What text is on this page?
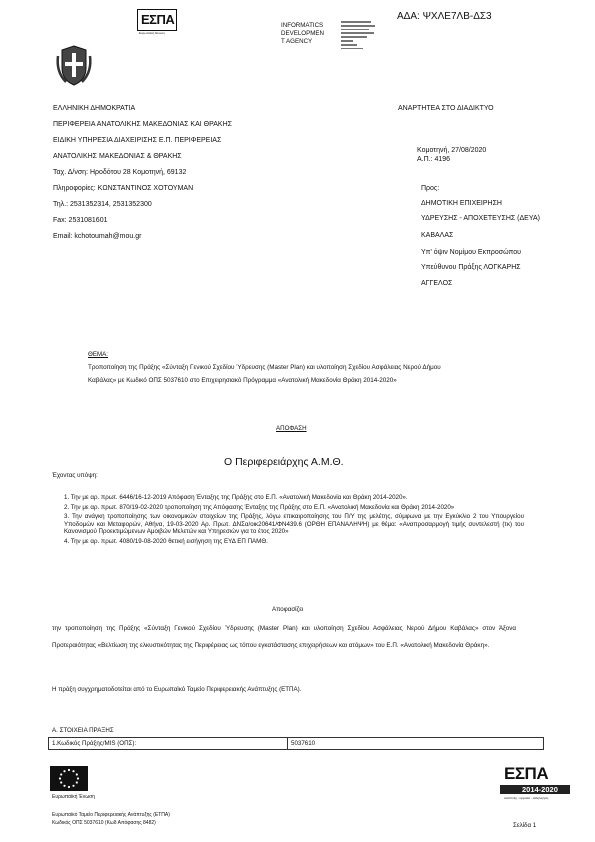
ΕΣΠΑ
Ευρωπαϊκή Ένωση
INFORMATICS
DEVELOPMEN
T AGENCY
ΑΔΑ: ΨΧΛΕ7ΛΒ-ΔΣ3
ΕΛΛΗΝΙΚΗ ΔΗΜΟΚΡΑΤΙΑ
ΠΕΡΙΦΕΡΕΙΑ ΑΝΑΤΟΛΙΚΗΣ ΜΑΚΕΔΟΝΙΑΣ ΚΑΙ ΘΡΑΚΗΣ
ΕΙΔΙΚΗ ΥΠΗΡΕΣΙΑ ΔΙΑΧΕΙΡΙΣΗΣ Ε.Π. ΠΕΡΙΦΕΡΕΙΑΣ
ΑΝΑΤΟΛΙΚΗΣ ΜΑΚΕΔΟΝΙΑΣ & ΘΡΑΚΗΣ
Ταχ. Δ/νση: Ηροδότου 28 Κομοτηνή, 69132
Πληροφορίες: ΚΩΝΣΤΑΝΤΙΝΟΣ ΧΟΤΟΥΜΑΝ
Τηλ.: 2531352314, 2531352300
Fax: 2531081601
Email: kchotoumah@mou.gr
ΑΝΑΡΤΗΤΕΑ ΣΤΟ ΔΙΑΔΙΚΤΥΟ
Κομοτηνή, 27/08/2020
Α.Π.: 4196
Προς:
ΔΗΜΟΤΙΚΗ ΕΠΙΧΕΙΡΗΣΗ
ΥΔΡΕΥΣΗΣ - ΑΠΟΧΕΤΕΥΣΗΣ (ΔΕΥΑ)
ΚΑΒΑΛΑΣ
Υπ' όψιν Νομίμου Εκπροσώπου
Υπεύθυνου Πράξης ΛΟΓΚΑΡΗΣ
ΑΓΓΕΛΟΣ
ΘΕΜΑ:
Τροποποίηση της Πράξης «Σύνταξη Γενικού Σχεδίου Ύδρευσης (Master Plan) και υλοποίηση Σχεδίου Ασφάλειας Νερού Δήμου
Καβάλας» με Κωδικό ΟΠΣ 5037610 στο Επιχειρησιακό Πρόγραμμα «Ανατολική Μακεδονία Θράκη 2014-2020»
ΑΠΟΦΑΣΗ
Ο Περιφερειάρχης Α.Μ.Θ.
Έχοντας υπόψη:
1. Την με αρ. πρωτ. 6446/16-12-2019 Απόφαση Ένταξης της Πράξης στο Ε.Π. «Ανατολική Μακεδονία και Θράκη 2014-2020».
2. Την με αρ. πρωτ. 870/19-02-2020 τροποποίηση της Απόφασης Ένταξης της Πράξης στο Ε.Π. «Ανατολική Μακεδονία και Θράκη 2014-2020»
3. Την ανάγκη τροποποίησης των οικονομικών στοιχείων της Πράξης, λόγω επικαιροποίησης του Π/Υ της μελέτης, σύμφωνα με την Εγκύκλιο 2 του Υπουργείου Υποδομών και Μεταφορών, Αθήνα, 19-03-2020 Αρ. Πρωτ. ΔΝΣα/οικ20641/ΦΝ439.6 (ΟΡΘΗ ΕΠΑΝΑΛΗΨΗ) με θέμα: «Αναπροσαρμογή τιμής συντελεστή (τκ) του Κανονισμού Προεκτιμώμενων Αμοιβών Μελετών και Υπηρεσιών για το έτος 2020»
4. Την με αρ. πρωτ. 4080/19-08-2020 θετική εισήγηση της ΕΥΔ ΕΠ ΠΑΜΘ.
Αποφασίζει
την τροποποίηση της Πράξης «Σύνταξη Γενικού Σχεδίου Ύδρευσης (Master Plan) και υλοποίηση Σχεδίου Ασφάλειας Νερού Δήμου Καβάλας» στον Άξονα Προτεραιότητας «Βελτίωση της ελκυστικότητας της Περιφέρειας ως τόπου εγκατάστασης επιχειρήσεων και ατόμων» του Ε.Π. «Ανατολική Μακεδονία Θράκη».
Η πράξη συγχρηματοδοτείται από το Ευρωπαϊκό Ταμείο Περιφερειακής Ανάπτυξης (ΕΤΠΑ).
Α. ΣΤΟΙΧΕΙΑ ΠΡΑΞΗΣ
1.Κωδικός Πράξης/MIS (ΟΠΣ):	5037610
Ευρωπαϊκή Ένωση
Ευρωπαϊκό Ταμείο Περιφερειακής Ανάπτυξης (ΕΤΠΑ)
Κωδικός ΟΠΣ 5037610 (Κωδ Απόφασης 8482)
ΕΣΠΑ
2014-2020
ανάπτυξη - εργασία - αλληλεγγύη
Σελίδα 1
